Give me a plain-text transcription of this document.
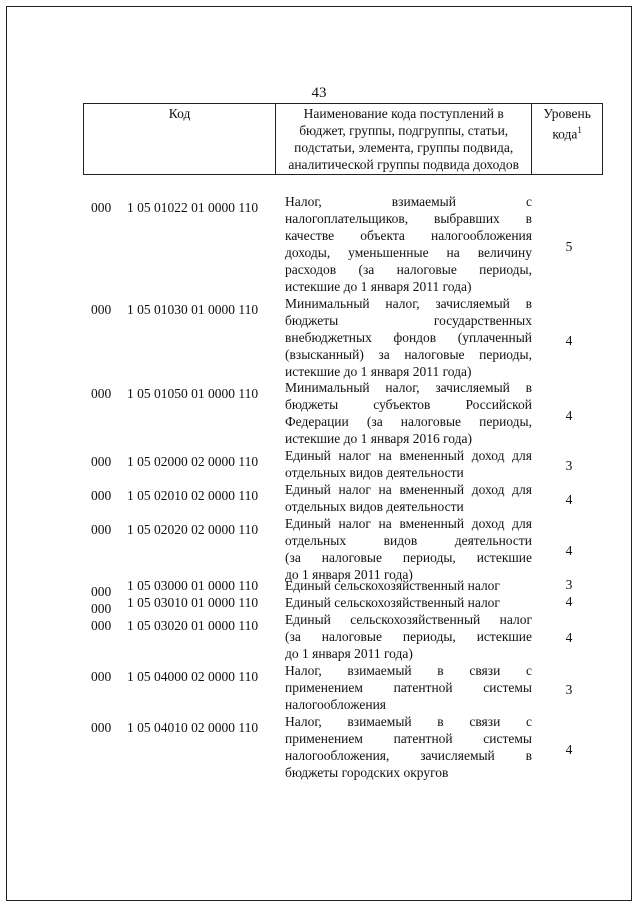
43
Код	Наименование кода поступлений в
бюджет, группы, подгруппы, статьи,
подстатьи, элемента, группы подвида,
аналитической группы подвида доходов

Уровень
кода$^1$
000	1 05 01022 01 0000 110	Налог, взимаемый с
налогоплательщиков, выбравших в
качестве объекта налогообложения
доходы, уменьшенные на величину
расходов (за налоговые периоды,
истекшие до 1 января 2011 года)
5
000	1 05 01030 01 0000 110	Минимальный налог, зачисляемый в
бюджеты государственных
внебюджетных фондов (уплаченный
(взысканный) за налоговые периоды,
истекшие до 1 января 2011 года)
4
000	1 05 01050 01 0000 110	Минимальный налог, зачисляемый в
бюджеты субъектов Российской
Федерации (за налоговые периоды,
истекшие до 1 января 2016 года)
4
000	1 05 02000 02 0000 110	Единый налог на вмененный доход для
отдельных видов деятельности	3
000	1 05 02010 02 0000 110	Единый налог на вмененный доход для
отдельных видов деятельности	4
000	1 05 02020 02 0000 110	Единый налог на вмененный доход для
отдельных видов деятельности
(за налоговые периоды, истекшие
до 1 января 2011 года)
4
000	1 05 03000 01 0000 110	Единый сельскохозяйственный налог	3
000	1 05 03010 01 0000 110	Единый сельскохозяйственный налог	4
000	1 05 03020 01 0000 110	Единый сельскохозяйственный налог
(за налоговые периоды, истекшие
до 1 января 2011 года)
4
000	1 05 04000 02 0000 110	Налог, взимаемый в связи с
применением патентной системы
налогообложения
3
000	1 05 04010 02 0000 110	Налог, взимаемый в связи с
применением патентной системы
налогообложения, зачисляемый в
бюджеты городских округов
4
